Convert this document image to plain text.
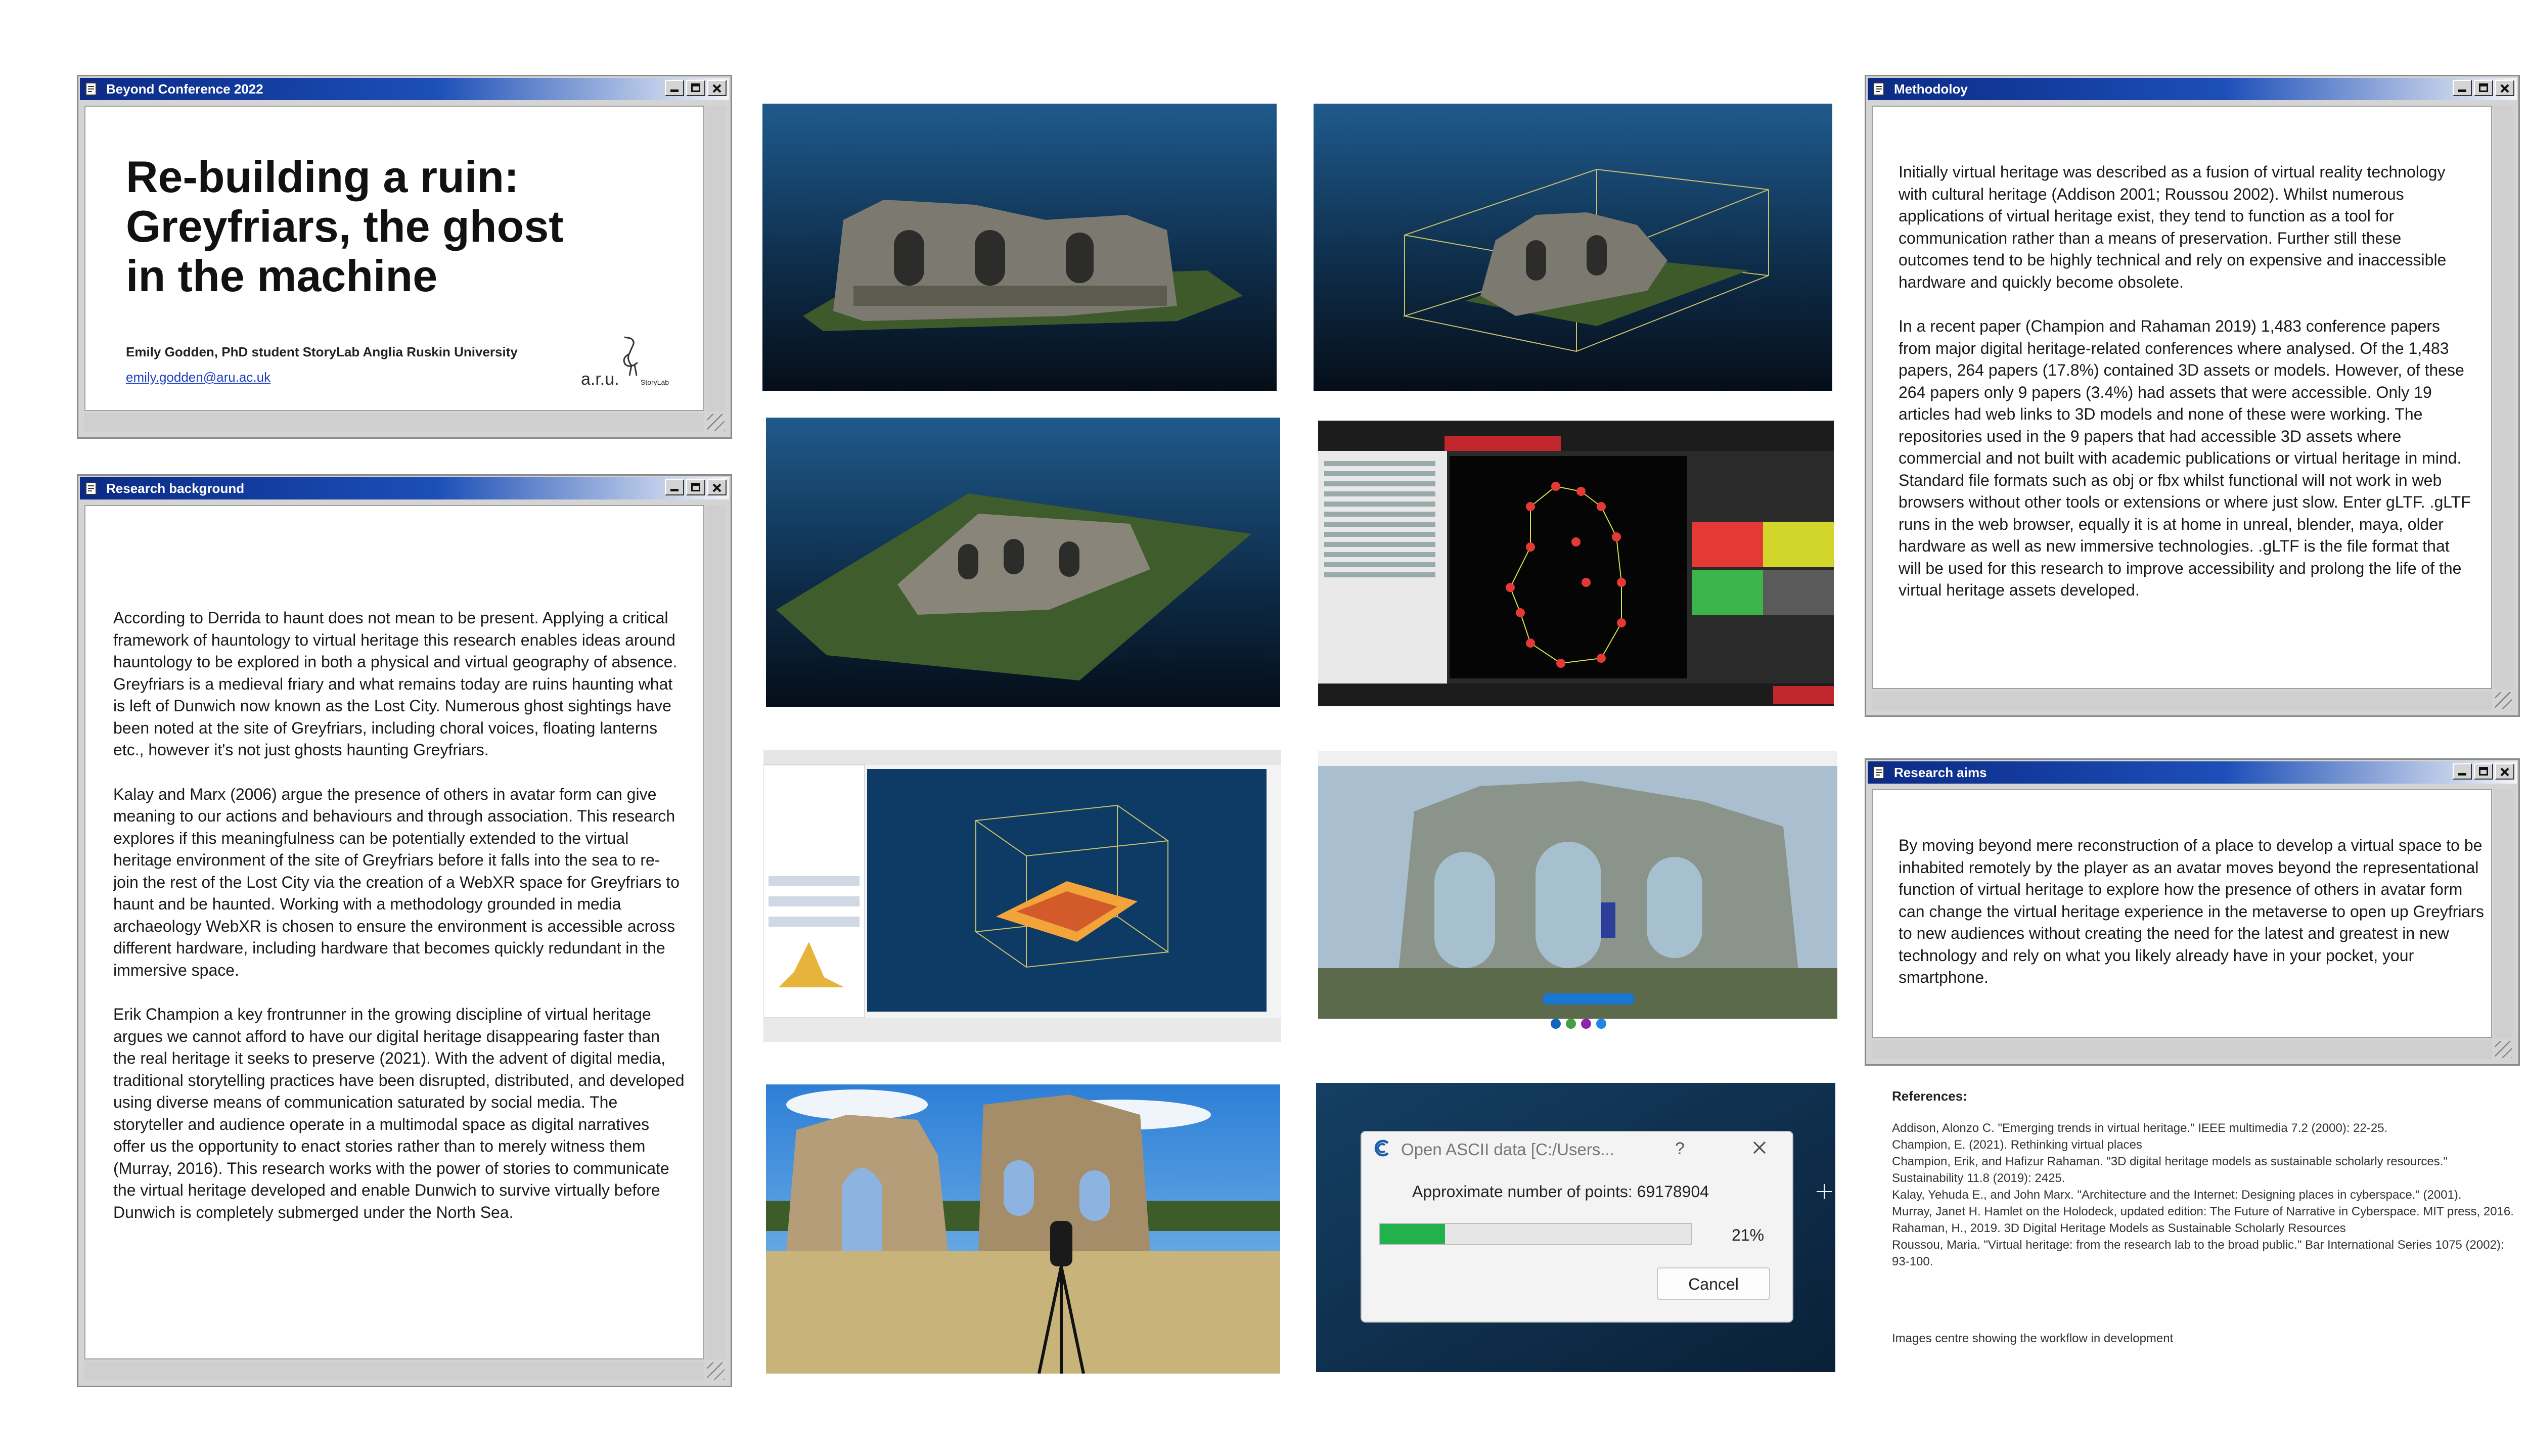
Beyond Conference 2022
Re-building a ruin:
Greyfriars, the ghost
in the machine
Emily Godden, PhD student StoryLab Anglia Ruskin University
emily.godden@aru.ac.uk	a.r.u.	StoryLab
Research background

According to Derrida to haunt does not mean to be present. Applying a critical framework of hauntology to virtual heritage this research enables ideas around hauntology to be explored in both a physical and virtual geography of absence. Greyfriars is a medieval friary and what remains today are ruins haunting what is left of Dunwich now known as the Lost City. Numerous ghost sightings have been noted at the site of Greyfriars, including choral voices, floating lanterns etc., however it's not just ghosts haunting Greyfriars.

Kalay and Marx (2006) argue the presence of others in avatar form can give meaning to our actions and behaviours and through association. This research explores if this meaningfulness can be potentially extended to the virtual heritage environment of the site of Greyfriars before it falls into the sea to re-join the rest of the Lost City via the creation of a WebXR space for Greyfriars to haunt and be haunted. Working with a methodology grounded in media archaeology WebXR is chosen to ensure the environment is accessible across different hardware, including hardware that becomes quickly redundant in the immersive space.

Erik Champion a key frontrunner in the growing discipline of virtual heritage argues we cannot afford to have our digital heritage disappearing faster than the real heritage it seeks to preserve (2021). With the advent of digital media, traditional storytelling practices have been disrupted, distributed, and developed using diverse means of communication saturated by social media. The storyteller and audience operate in a multimodal space as digital narratives offer us the opportunity to enact stories rather than to merely witness them (Murray, 2016). This research works with the power of stories to communicate the virtual heritage developed and enable Dunwich to survive virtually before Dunwich is completely submerged under the North Sea.

Methodoloy

Initially virtual heritage was described as a fusion of virtual reality technology with cultural heritage (Addison 2001; Roussou 2002). Whilst numerous applications of virtual heritage exist, they tend to function as a tool for communication rather than a means of preservation. Further still these outcomes tend to be highly technical and rely on expensive and inaccessible hardware and quickly become obsolete.

In a recent paper (Champion and Rahaman 2019) 1,483 conference papers from major digital heritage-related conferences where analysed. Of the 1,483 papers, 264 papers (17.8%) contained 3D assets or models. However, of these 264 papers only 9 papers (3.4%) had assets that were accessible. Only 19 articles had web links to 3D models and none of these were working. The repositories used in the 9 papers that had accessible 3D assets where commercial and not built with academic publications or virtual heritage in mind. Standard file formats such as obj or fbx whilst functional will not work in web browsers without other tools or extensions or where just slow. Enter gLTF. .gLTF runs in the web browser, equally it is at home in unreal, blender, maya, older hardware as well as new immersive technologies. .gLTF is the file format that will be used for this research to improve accessibility and prolong the life of the virtual heritage assets developed.

Research aims

By moving beyond mere reconstruction of a place to develop a virtual space to be inhabited remotely by the player as an avatar moves beyond the representational function of virtual heritage to explore how the presence of others in avatar form can change the virtual heritage experience in the metaverse to open up Greyfriars to new audiences without creating the need for the latest and greatest in new technology and rely on what you likely already have in your pocket, your smartphone.

References:
Addison, Alonzo C. "Emerging trends in virtual heritage." IEEE multimedia 7.2 (2000): 22-25.
Champion, E. (2021). Rethinking virtual places
Champion, Erik, and Hafizur Rahaman. "3D digital heritage models as sustainable scholarly resources." Sustainability 11.8 (2019): 2425.
Kalay, Yehuda E., and John Marx. "Architecture and the Internet: Designing places in cyberspace." (2001).
Murray, Janet H. Hamlet on the Holodeck, updated edition: The Future of Narrative in Cyberspace. MIT press, 2016.
Rahaman, H., 2019. 3D Digital Heritage Models as Sustainable Scholarly Resources
Roussou, Maria. "Virtual heritage: from the research lab to the broad public." Bar International Series 1075 (2002): 93-100.
Images centre showing the workflow in development
Open ASCII data [C:/Users...	?
Approximate number of points: 69178904
21%
Cancel
